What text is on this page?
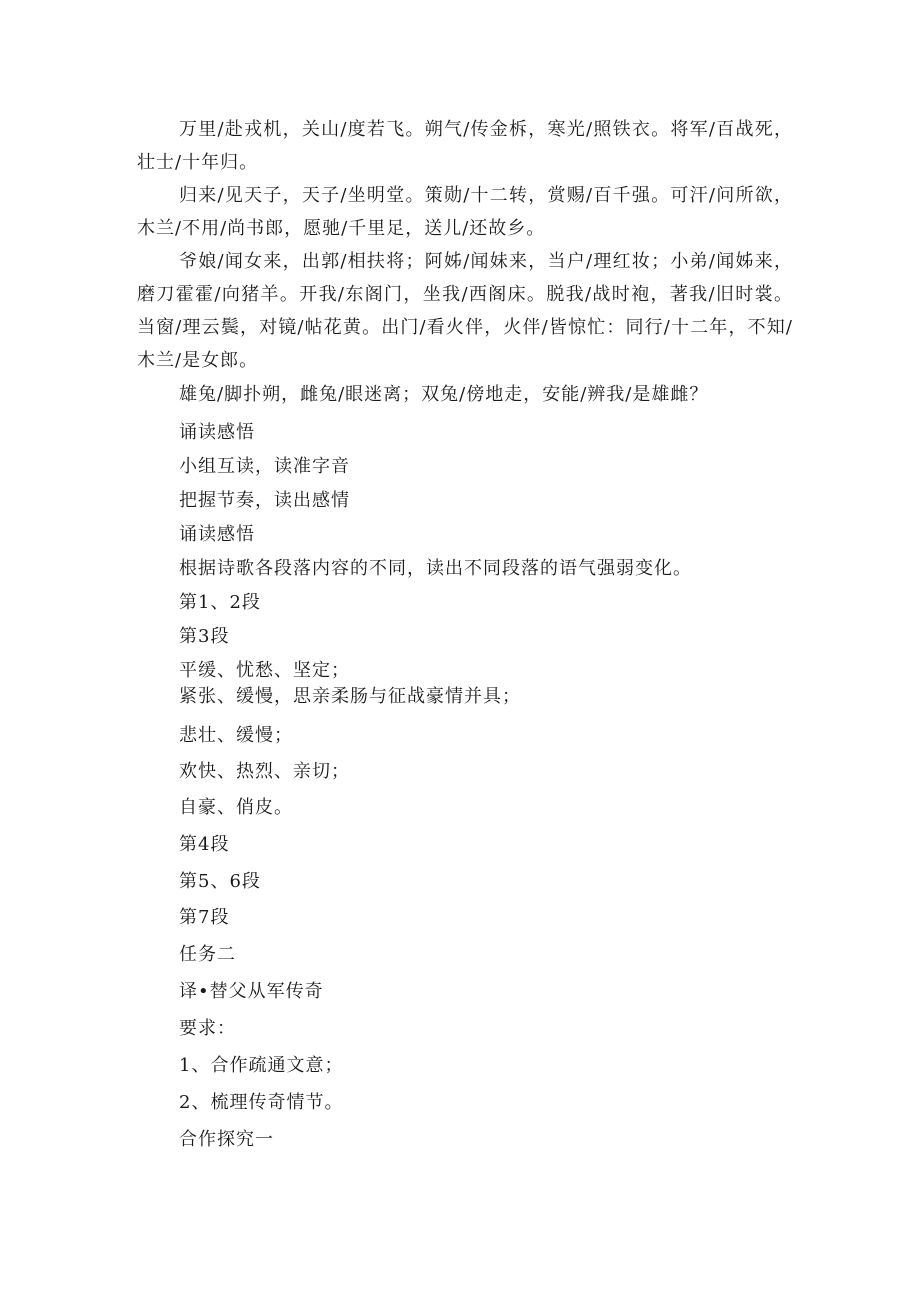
万里/赴戎机，关山/度若飞。朔气/传金柝，寒光/照铁衣。将军/百战死，壮士/十年归。

归来/见天子，天子/坐明堂。策勋/十二转，赏赐/百千强。可汗/问所欲，木兰/不用/尚书郎，愿驰/千里足，送儿/还故乡。

爷娘/闻女来，出郭/相扶将；阿姊/闻妹来，当户/理红妆；小弟/闻姊来，磨刀霍霍/向猪羊。开我/东阁门，坐我/西阁床。脱我/战时袍，著我/旧时裳。当窗/理云鬓，对镜/帖花黄。出门/看火伴，火伴/皆惊忙：同行/十二年，不知/木兰/是女郎。

雄兔/脚扑朔，雌兔/眼迷离；双兔/傍地走，安能/辨我/是雄雌？

诵读感悟

小组互读，读准字音

把握节奏，读出感情

诵读感悟

根据诗歌各段落内容的不同，读出不同段落的语气强弱变化。

第1、2段

第3段

平缓、忧愁、坚定；

紧张、缓慢，思亲柔肠与征战豪情并具；

悲壮、缓慢；

欢快、热烈、亲切；

自豪、俏皮。

第4段

第5、6段

第7段

任务二

译•替父从军传奇

要求：

1、合作疏通文意；

2、梳理传奇情节。

合作探究一
